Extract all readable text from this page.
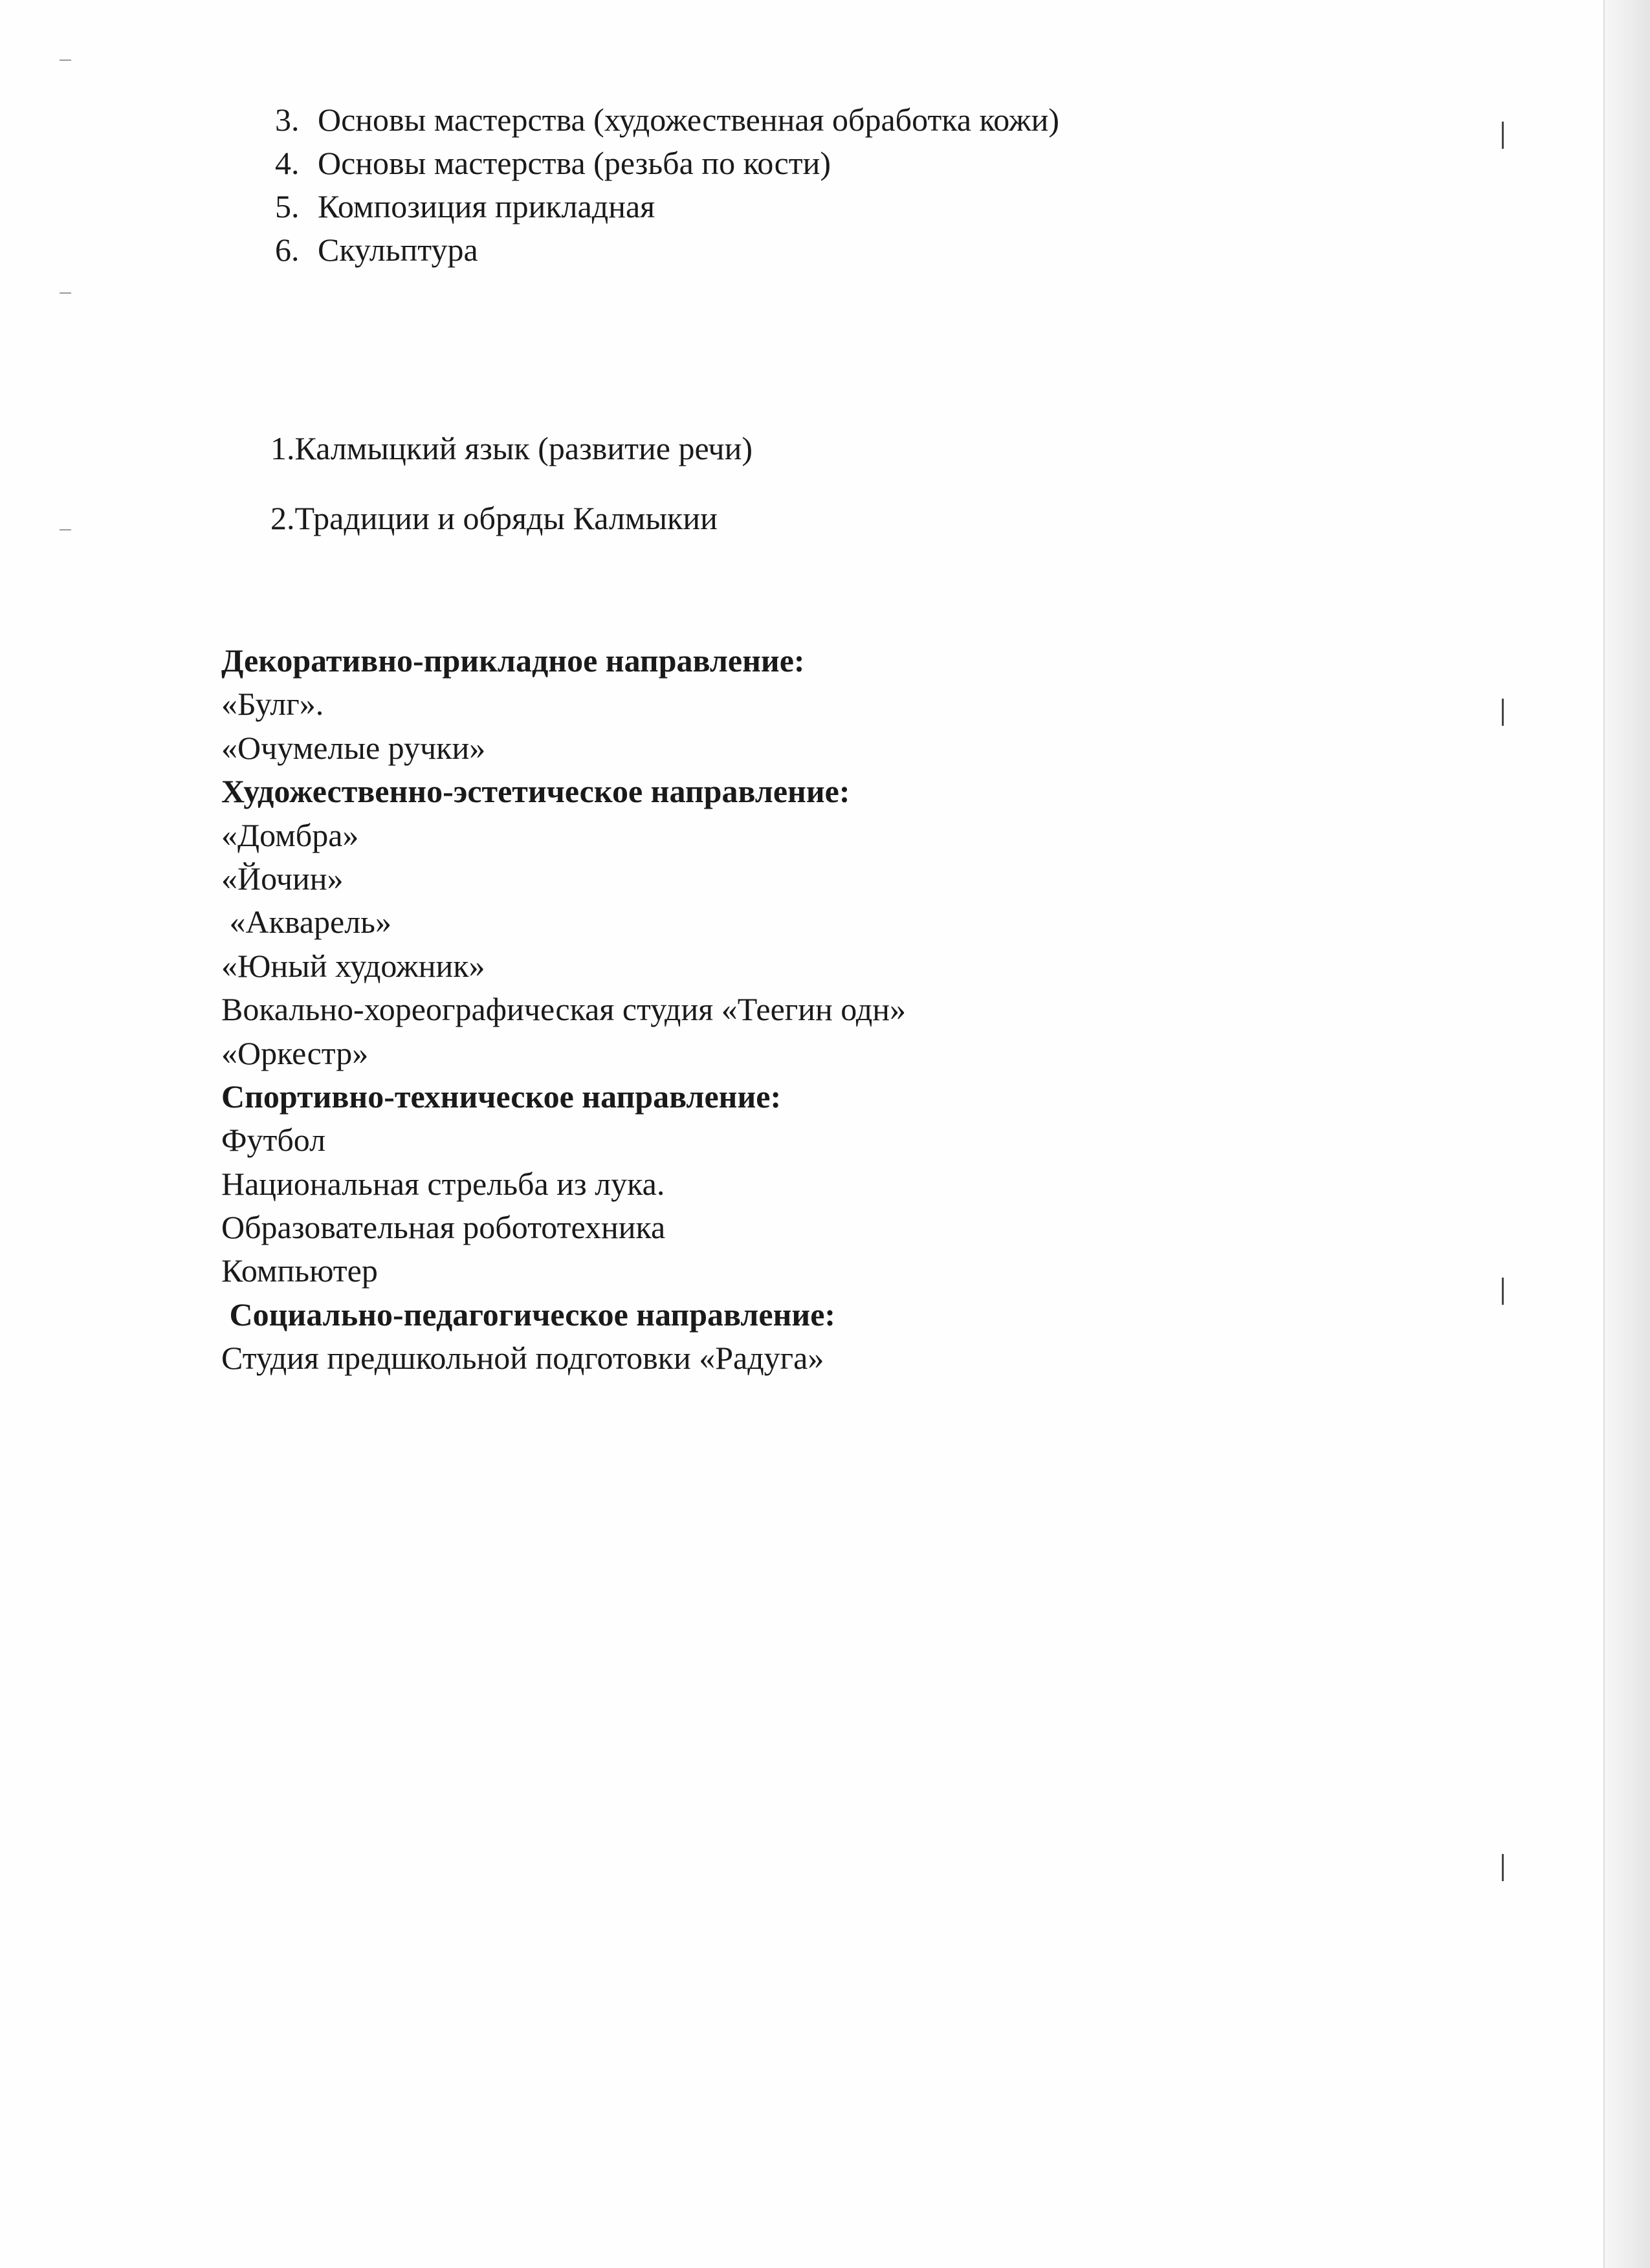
3. Основы мастерства (художественная обработка кожи)
4. Основы мастерства (резьба по кости)
5. Композиция прикладная
6. Скульптура
1.Калмыцкий язык (развитие речи)
2.Традиции и обряды Калмыкии
Декоративно-прикладное направление:
«Булг».
«Очумелые ручки»
Художественно-эстетическое направление:
«Домбра»
«Йочин»
«Акварель»
«Юный художник»
Вокально-хореографическая студия «Теегин одн»
«Оркестр»
Спортивно-техническое направление:
Футбол
Национальная стрельба из лука.
Образовательная робототехника
Компьютер
Социально-педагогическое направление:
Студия предшкольной подготовки «Радуга»
